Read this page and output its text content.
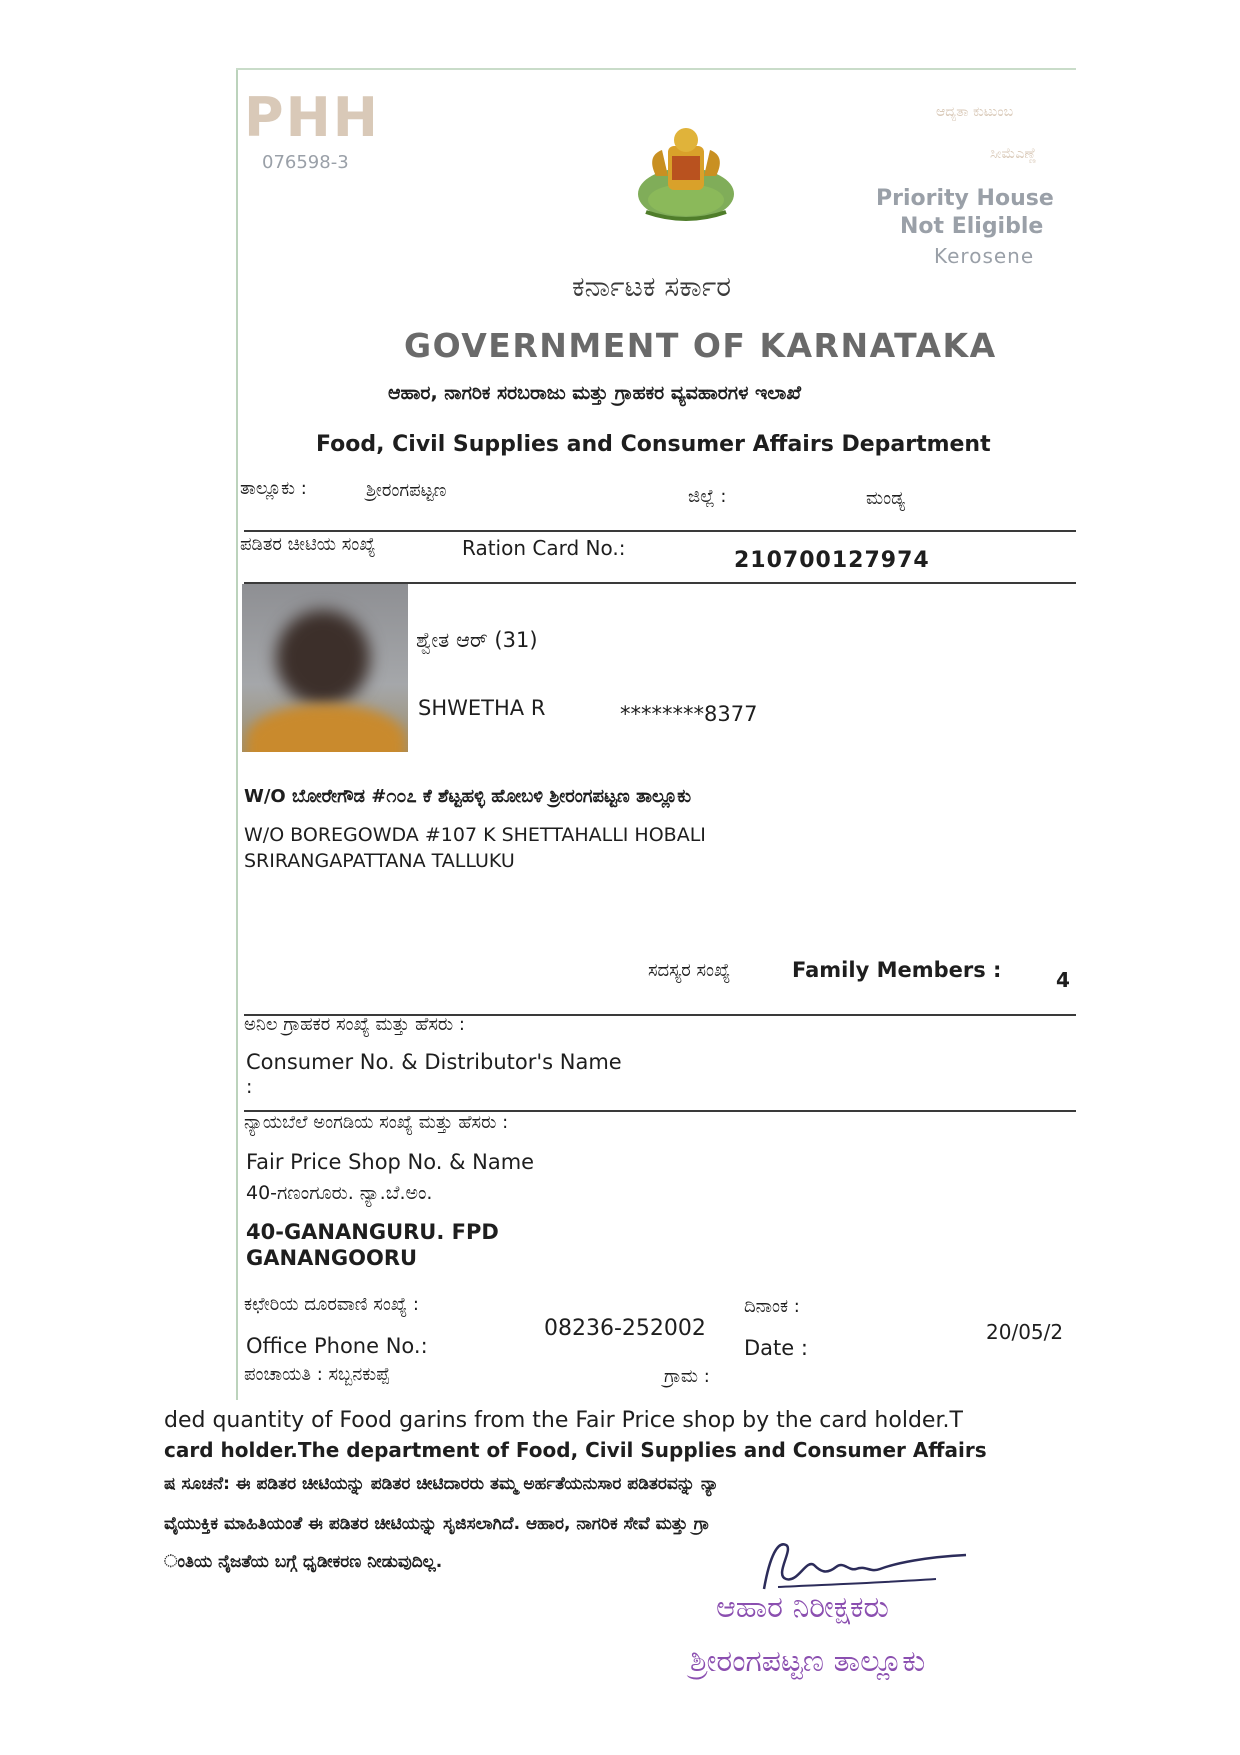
PHH
076598-3
ಆದ್ಯತಾ ಕುಟುಂಬ
ಸೀಮೆಎಣ್ಣೆ
Priority House
Not Eligible
Kerosene
ಕರ್ನಾಟಕ ಸರ್ಕಾರ
GOVERNMENT OF KARNATAKA
ಆಹಾರ, ನಾಗರಿಕ ಸರಬರಾಜು ಮತ್ತು ಗ್ರಾಹಕರ ವ್ಯವಹಾರಗಳ ಇಲಾಖೆ
Food, Civil Supplies and Consumer Affairs Department
ತಾಲ್ಲೂಕು :	ಶ್ರೀರಂಗಪಟ್ಟಣ	ಜಿಲ್ಲೆ :	ಮಂಡ್ಯ
ಪಡಿತರ ಚೀಟಿಯ ಸಂಖ್ಯೆ	Ration Card No.:	210700127974
ಶ್ವೇತ ಆರ್ (31)
SHWETHA R	********8377
W/O ಬೋರೇಗೌಡ #೧೦೭ ಕೆ ಶೆಟ್ಟಹಳ್ಳಿ ಹೋಬಳಿ ಶ್ರೀರಂಗಪಟ್ಟಣ ತಾಲ್ಲೂಕು
W/O BOREGOWDA #107 K SHETTAHALLI HOBALI
SRIRANGAPATTANA TALLUKU
ಸದಸ್ಯರ ಸಂಖ್ಯೆ	Family Members :	4
ಅನಿಲ ಗ್ರಾಹಕರ ಸಂಖ್ಯೆ ಮತ್ತು ಹೆಸರು :
Consumer No. & Distributor's Name
:
ನ್ಯಾಯಬೆಲೆ ಅಂಗಡಿಯ ಸಂಖ್ಯೆ ಮತ್ತು ಹೆಸರು :
Fair Price Shop No. & Name
40-ಗಣಂಗೂರು. ನ್ಯಾ.ಬೆ.ಅಂ.
40-GANANGURU. FPD
GANANGOORU
ಕಛೇರಿಯ ದೂರವಾಣಿ ಸಂಖ್ಯೆ :
Office Phone No.:
08236-252002
ದಿನಾಂಕ :
Date :
20/05/2
ಪಂಚಾಯತಿ : ಸಬ್ಬನಕುಪ್ಪೆ	ಗ್ರಾಮ :
ded quantity of Food garins from the Fair Price shop by the card holder.T
card holder.The department of Food, Civil Supplies and Consumer Affairs
ಷ ಸೂಚನೆ: ಈ ಪಡಿತರ ಚೀಟಿಯನ್ನು ಪಡಿತರ ಚೀಟಿದಾರರು ತಮ್ಮ ಅರ್ಹತೆಯನುಸಾರ ಪಡಿತರವನ್ನು ನ್ಯಾ
ವೈಯುಕ್ತಿಕ ಮಾಹಿತಿಯಂತೆ ಈ ಪಡಿತರ ಚೀಟಿಯನ್ನು ಸೃಜಿಸಲಾಗಿದೆ. ಆಹಾರ, ನಾಗರಿಕ ಸೇವೆ ಮತ್ತು ಗ್ರಾ
ಂತಿಯ ನೈಜತೆಯ ಬಗ್ಗೆ ಧೃಡೀಕರಣ ನೀಡುವುದಿಲ್ಲ.
ಆಹಾರ ನಿರೀಕ್ಷಕರು
ಶ್ರೀರಂಗಪಟ್ಟಣ ತಾಲ್ಲೂಕು
